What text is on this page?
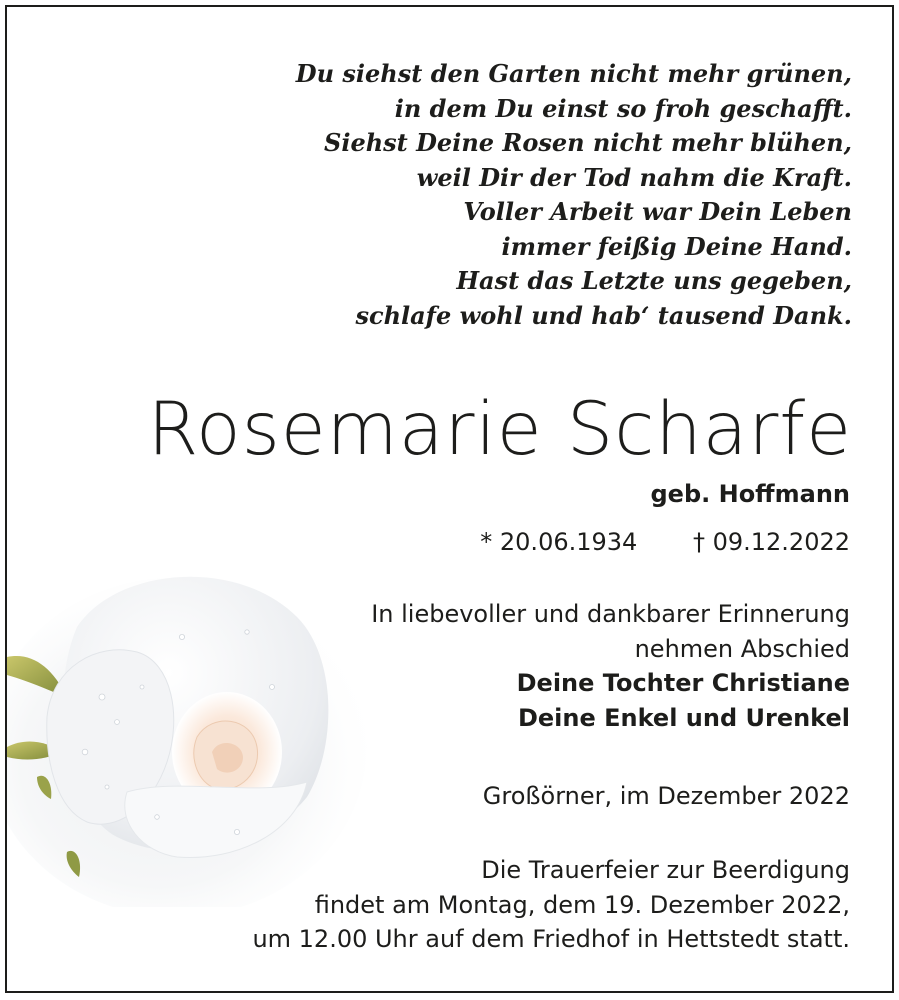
Du siehst den Garten nicht mehr grünen,
in dem Du einst so froh geschafft.
Siehst Deine Rosen nicht mehr blühen,
weil Dir der Tod nahm die Kraft.
Voller Arbeit war Dein Leben
immer feißig Deine Hand.
Hast das Letzte uns gegeben,
schlafe wohl und hab‘ tausend Dank.
Rosemarie Scharfe
geb. Hoffmann
* 20.06.1934 † 09.12.2022
In liebevoller und dankbarer Erinnerung
nehmen Abschied
Deine Tochter Christiane
Deine Enkel und Urenkel
Großörner, im Dezember 2022
Die Trauerfeier zur Beerdigung
findet am Montag, dem 19. Dezember 2022,
um 12.00 Uhr auf dem Friedhof in Hettstedt statt.
